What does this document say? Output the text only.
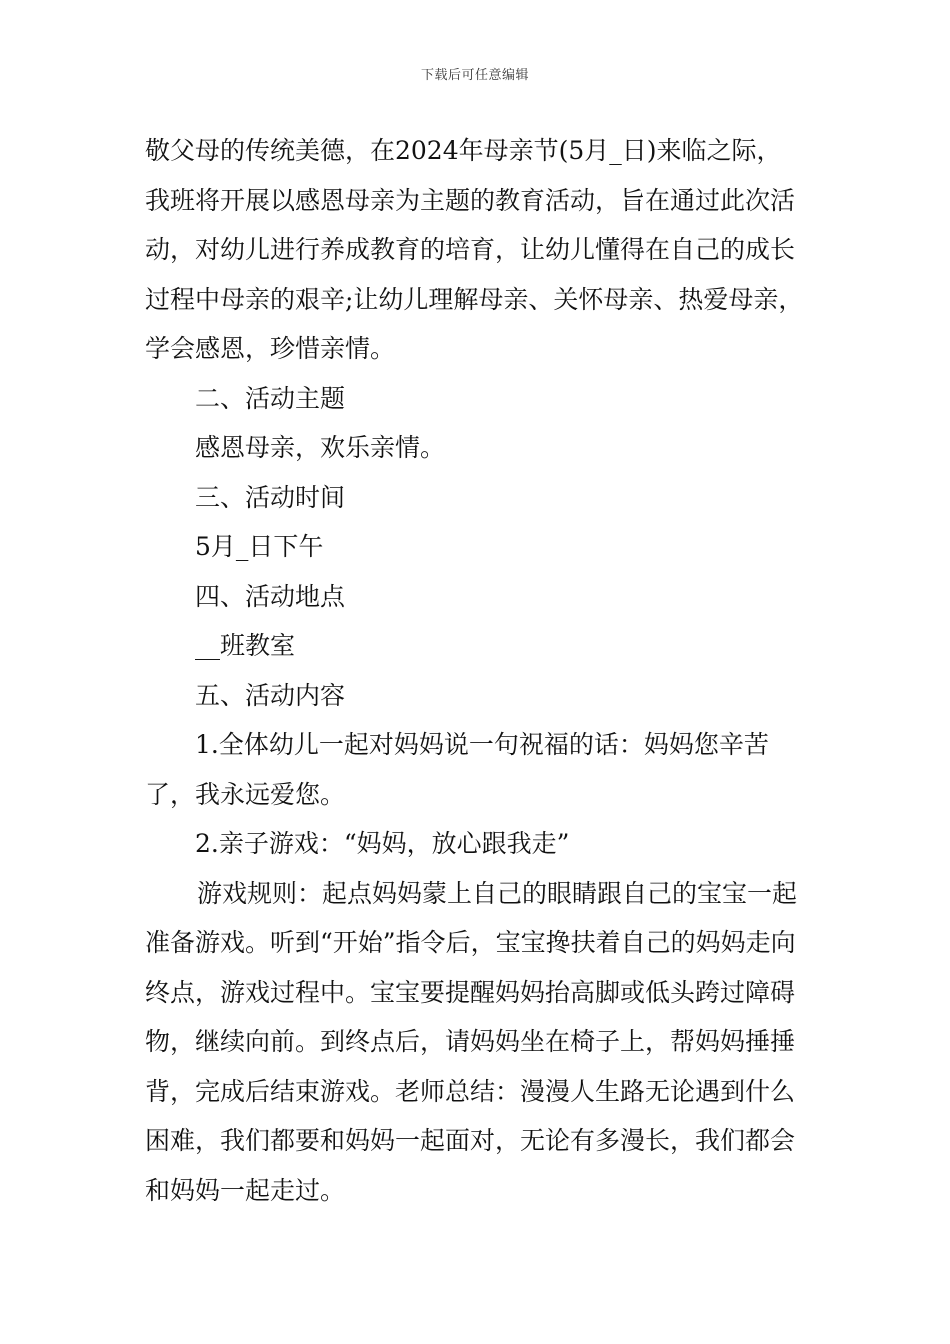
下载后可任意编辑

敬父母的传统美德，在2024年母亲节(5月_日)来临之际，我班将开展以感恩母亲为主题的教育活动，旨在通过此次活动，对幼儿进行养成教育的培育，让幼儿懂得在自己的成长过程中母亲的艰辛;让幼儿理解母亲、关怀母亲、热爱母亲，学会感恩，珍惜亲情。

二、活动主题

感恩母亲，欢乐亲情。

三、活动时间

5月_日下午

四、活动地点

__班教室

五、活动内容

1.全体幼儿一起对妈妈说一句祝福的话：妈妈您辛苦了，我永远爱您。

2.亲子游戏：“妈妈，放心跟我走”

游戏规则：起点妈妈蒙上自己的眼睛跟自己的宝宝一起准备游戏。听到“开始”指令后，宝宝搀扶着自己的妈妈走向终点，游戏过程中。宝宝要提醒妈妈抬高脚或低头跨过障碍物，继续向前。到终点后，请妈妈坐在椅子上，帮妈妈捶捶背，完成后结束游戏。老师总结：漫漫人生路无论遇到什么困难，我们都要和妈妈一起面对，无论有多漫长，我们都会和妈妈一起走过。
